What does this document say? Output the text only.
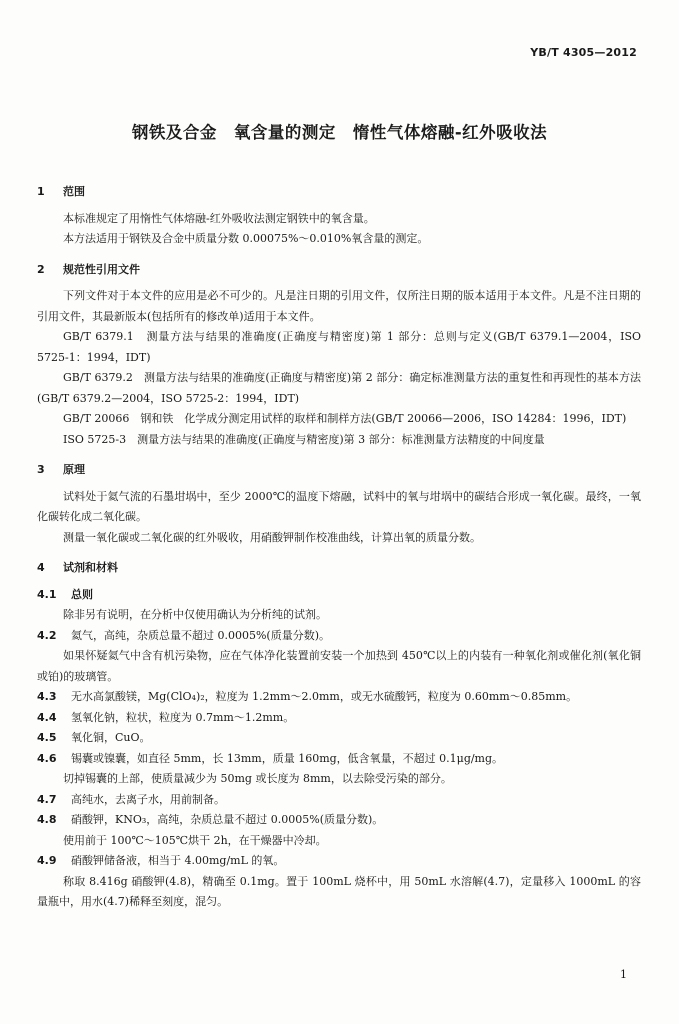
YB/T 4305—2012
钢铁及合金　氧含量的测定　惰性气体熔融-红外吸收法
1	范围

本标准规定了用惰性气体熔融-红外吸收法测定钢铁中的氧含量。

本方法适用于钢铁及合金中质量分数 0.00075%～0.010%氧含量的测定。

2	规范性引用文件

下列文件对于本文件的应用是必不可少的。凡是注日期的引用文件，仅所注日期的版本适用于本文件。凡是不注日期的引用文件，其最新版本(包括所有的修改单)适用于本文件。

GB/T 6379.1　测量方法与结果的准确度(正确度与精密度)第 1 部分：总则与定义(GB/T 6379.1—2004，ISO 5725-1：1994，IDT)

GB/T 6379.2　测量方法与结果的准确度(正确度与精密度)第 2 部分：确定标准测量方法的重复性和再现性的基本方法(GB/T 6379.2—2004，ISO 5725-2：1994，IDT)

GB/T 20066　钢和铁　化学成分测定用试样的取样和制样方法(GB/T 20066—2006，ISO 14284：1996，IDT)

ISO 5725-3　测量方法与结果的准确度(正确度与精密度)第 3 部分：标准测量方法精度的中间度量

3	原理

试料处于氦气流的石墨坩埚中，至少 2000℃的温度下熔融，试料中的氧与坩埚中的碳结合形成一氧化碳。最终，一氧化碳转化成二氧化碳。

测量一氧化碳或二氧化碳的红外吸收，用硝酸钾制作校准曲线，计算出氧的质量分数。

4	试剂和材料
4.1	总则

除非另有说明，在分析中仅使用确认为分析纯的试剂。

4.2	氦气，高纯，杂质总量不超过 0.0005%(质量分数)。

如果怀疑氦气中含有机污染物，应在气体净化装置前安装一个加热到 450℃以上的内装有一种氧化剂或催化剂(氧化铜或铂)的玻璃管。

4.3	无水高氯酸镁，Mg(ClO₄)₂，粒度为 1.2mm～2.0mm，或无水硫酸钙，粒度为 0.60mm～0.85mm。
4.4	氢氧化钠，粒状，粒度为 0.7mm～1.2mm。
4.5	氧化铜，CuO。
4.6	锡囊或镍囊，如直径 5mm，长 13mm，质量 160mg，低含氧量，不超过 0.1μg/mg。

切掉锡囊的上部，使质量减少为 50mg 或长度为 8mm，以去除受污染的部分。

4.7	高纯水，去离子水，用前制备。
4.8	硝酸钾，KNO₃，高纯，杂质总量不超过 0.0005%(质量分数)。

使用前于 100℃～105℃烘干 2h，在干燥器中冷却。

4.9	硝酸钾储备液，相当于 4.00mg/mL 的氧。

称取 8.416g 硝酸钾(4.8)，精确至 0.1mg。置于 100mL 烧杯中，用 50mL 水溶解(4.7)，定量移入 1000mL 的容量瓶中，用水(4.7)稀释至刻度，混匀。

1
